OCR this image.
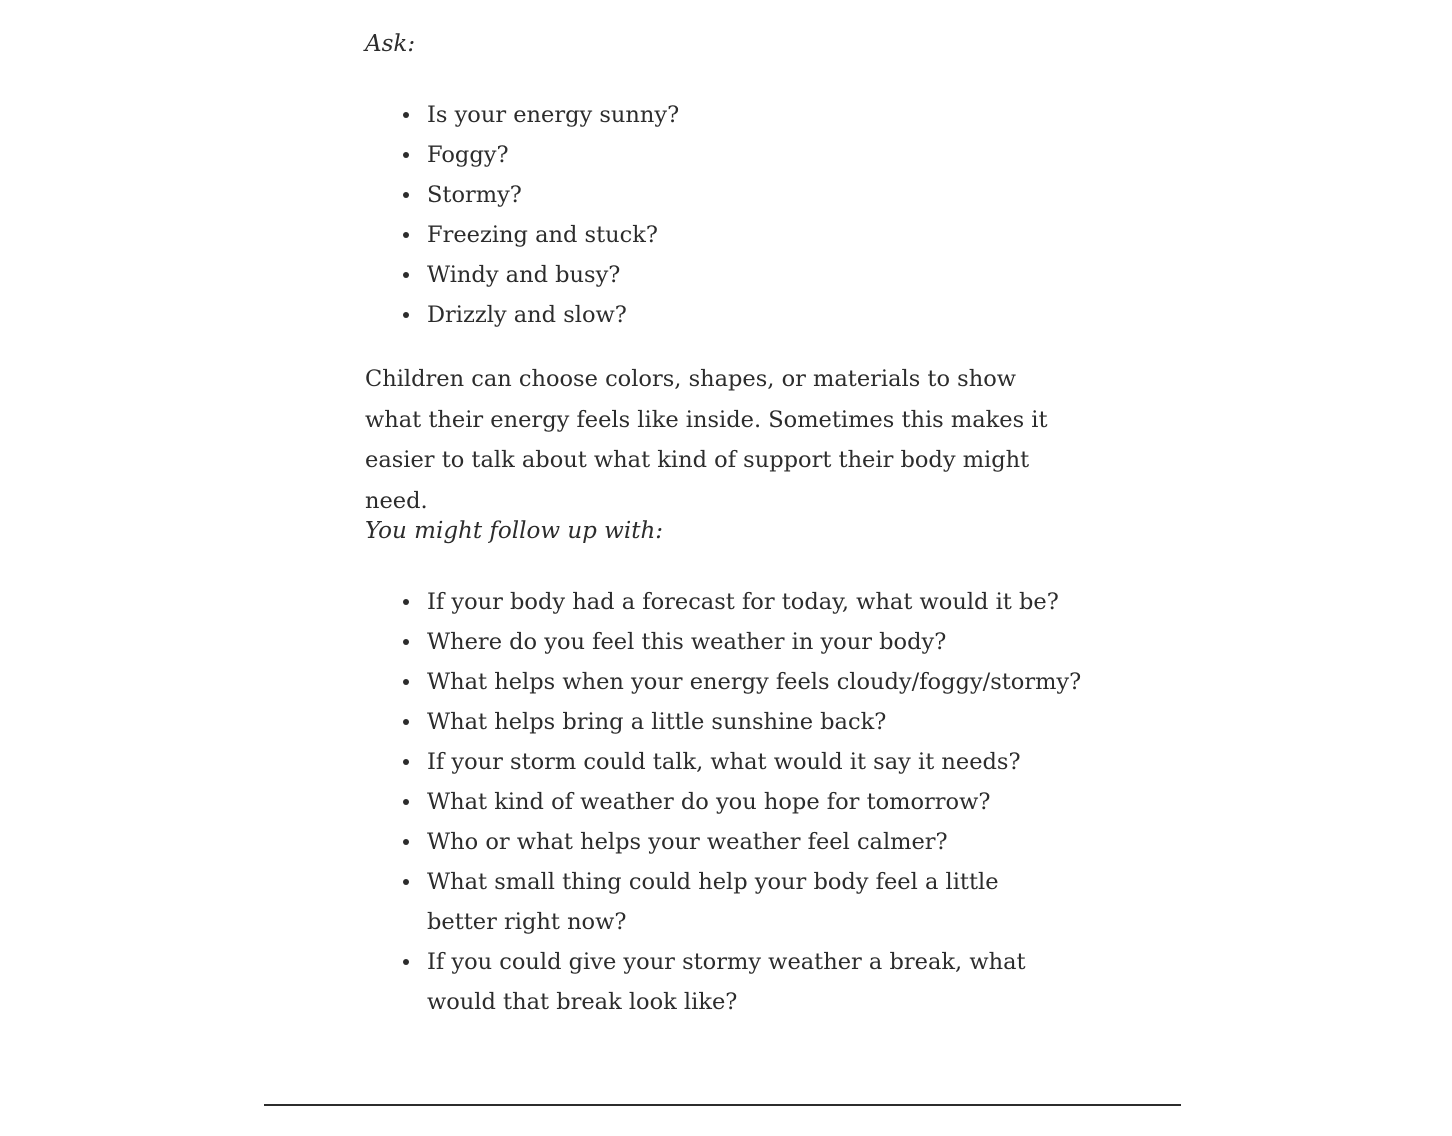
Ask:

Is your energy sunny?
Foggy?
Stormy?
Freezing and stuck?
Windy and busy?
Drizzly and slow?

Children can choose colors, shapes, or materials to show what their energy feels like inside. Sometimes this makes it easier to talk about what kind of support their body might need.

You might follow up with:

If your body had a forecast for today, what would it be?
Where do you feel this weather in your body?
What helps when your energy feels cloudy/foggy/stormy?
What helps bring a little sunshine back?
If your storm could talk, what would it say it needs?
What kind of weather do you hope for tomorrow?
Who or what helps your weather feel calmer?
What small thing could help your body feel a little better right now?
If you could give your stormy weather a break, what would that break look like?
